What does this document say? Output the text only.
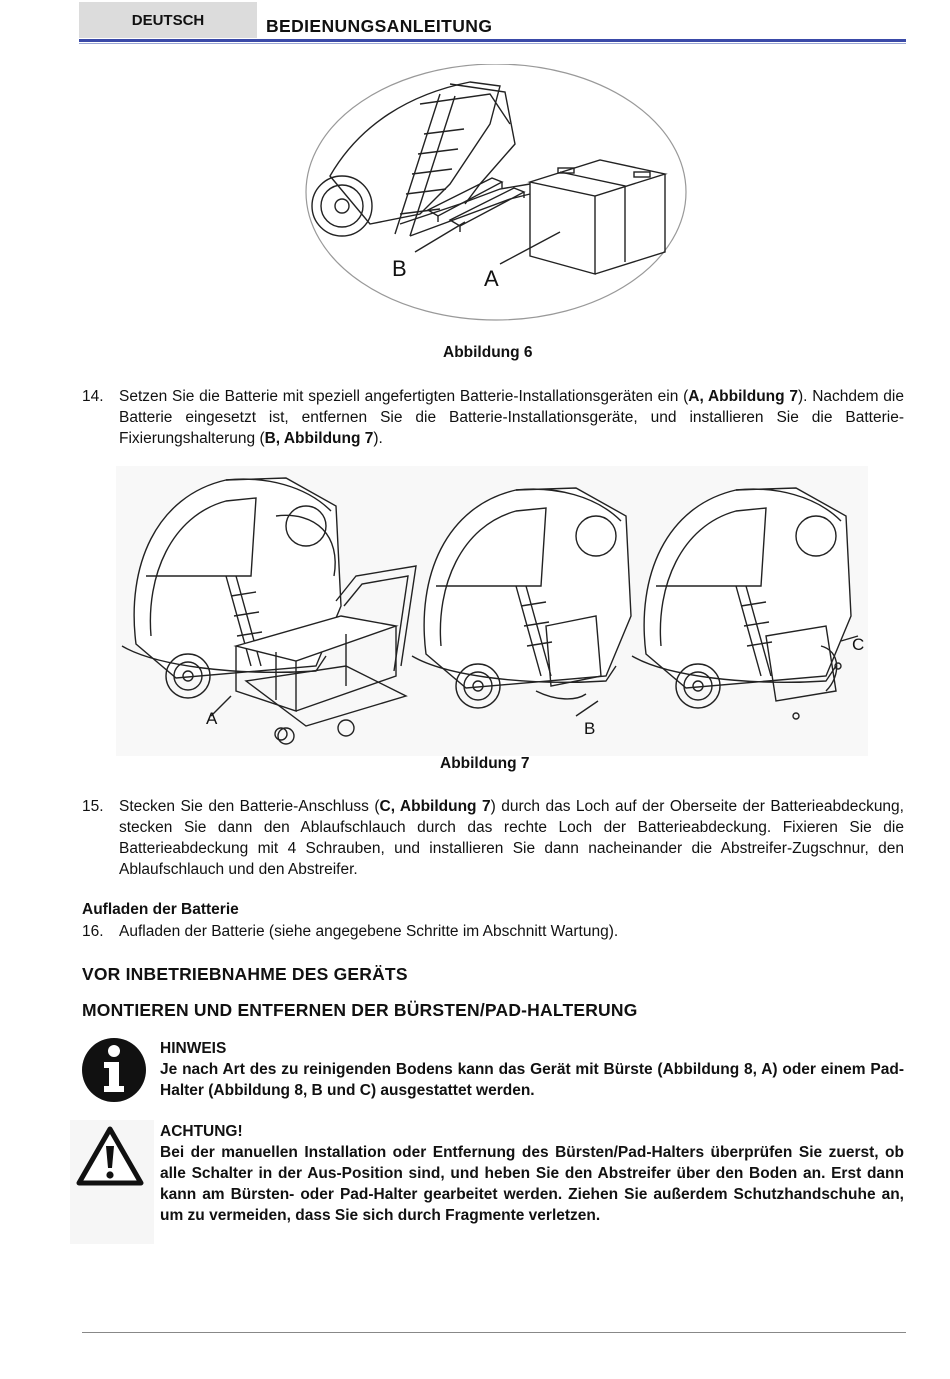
DEUTSCH	BEDIENUNGSANLEITUNG
B	A
Abbildung 6
14. Setzen Sie die Batterie mit speziell angefertigten Batterie-Installationsgeräten ein (A, Abbildung 7). Nachdem die Batterie eingesetzt ist, entfernen Sie die Batterie-Installationsgeräte, und installieren Sie die Batterie-Fixierungshalterung (B, Abbildung 7).
A
B
C
Abbildung 7
15. Stecken Sie den Batterie-Anschluss (C, Abbildung 7) durch das Loch auf der Oberseite der Batterieabdeckung, stecken Sie dann den Ablaufschlauch durch das rechte Loch der Batterieabdeckung. Fixieren Sie die Batterieabdeckung mit 4 Schrauben, und installieren Sie dann nacheinander die Abstreifer-Zugschnur, den Ablaufschlauch und den Abstreifer.
Aufladen der Batterie
16. Aufladen der Batterie (siehe angegebene Schritte im Abschnitt Wartung).
VOR INBETRIEBNAHME DES GERÄTS
MONTIEREN UND ENTFERNEN DER BÜRSTEN/PAD-HALTERUNG
HINWEIS
Je nach Art des zu reinigenden Bodens kann das Gerät mit Bürste (Abbildung 8, A) oder einem Pad-Halter (Abbildung 8, B und C) ausgestattet werden.
ACHTUNG!
Bei der manuellen Installation oder Entfernung des Bürsten/Pad-Halters überprüfen Sie zuerst, ob alle Schalter in der Aus-Position sind, und heben Sie den Abstreifer über den Boden an. Erst dann kann am Bürsten- oder Pad-Halter gearbeitet werden. Ziehen Sie außerdem Schutzhandschuhe an, um zu vermeiden, dass Sie sich durch Fragmente verletzen.
